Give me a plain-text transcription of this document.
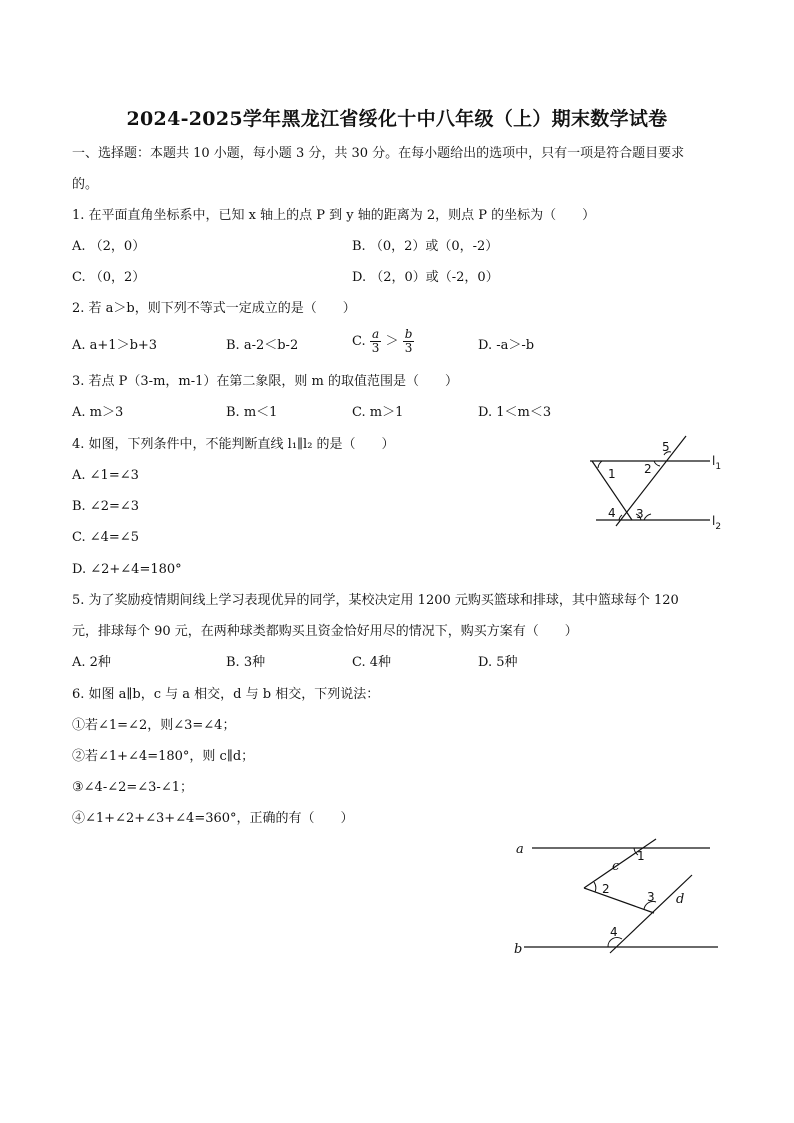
2024-2025学年黑龙江省绥化十中八年级（上）期末数学试卷
一、选择题：本题共 10 小题，每小题 3 分，共 30 分。在每小题给出的选项中，只有一项是符合题目要求
的。
1. 在平面直角坐标系中，已知 x 轴上的点 P 到 y 轴的距离为 2，则点 P 的坐标为（　　）
A. （2，0）	B. （0，2）或（0，-2）
C. （0，2）	D. （2，0）或（-2，0）
2. 若 a＞b，则下列不等式一定成立的是（　　）
A. a+1＞b+3	B. a-2＜b-2	C. $\frac{a}{3} > \frac{b}{3}$	D. -a＞-b
3. 若点 P（3-m，m-1）在第二象限，则 m 的取值范围是（　　）
A. m＞3	B. m＜1	C. m＞1	D. 1＜m＜3
4. 如图，下列条件中，不能判断直线 l₁∥l₂ 的是（　　）
A. ∠1=∠3
B. ∠2=∠3
C. ∠4=∠5
D. ∠2+∠4=180°
1 2
3
4
5
$l_1$
$l_2$
5. 为了奖励疫情期间线上学习表现优异的同学，某校决定用 1200 元购买篮球和排球，其中篮球每个 120
元，排球每个 90 元，在两种球类都购买且资金恰好用尽的情况下，购买方案有（　　）
A. 2种	B. 3种	C. 4种	D. 5种
6. 如图 a∥b，c 与 a 相交，d 与 b 相交，下列说法：
①若∠1=∠2，则∠3=∠4；
②若∠1+∠4=180°，则 c∥d；
③∠4-∠2=∠3-∠1；
④∠1+∠2+∠3+∠4=360°，正确的有（　　）
a
b
c
d
1
2
3
4
